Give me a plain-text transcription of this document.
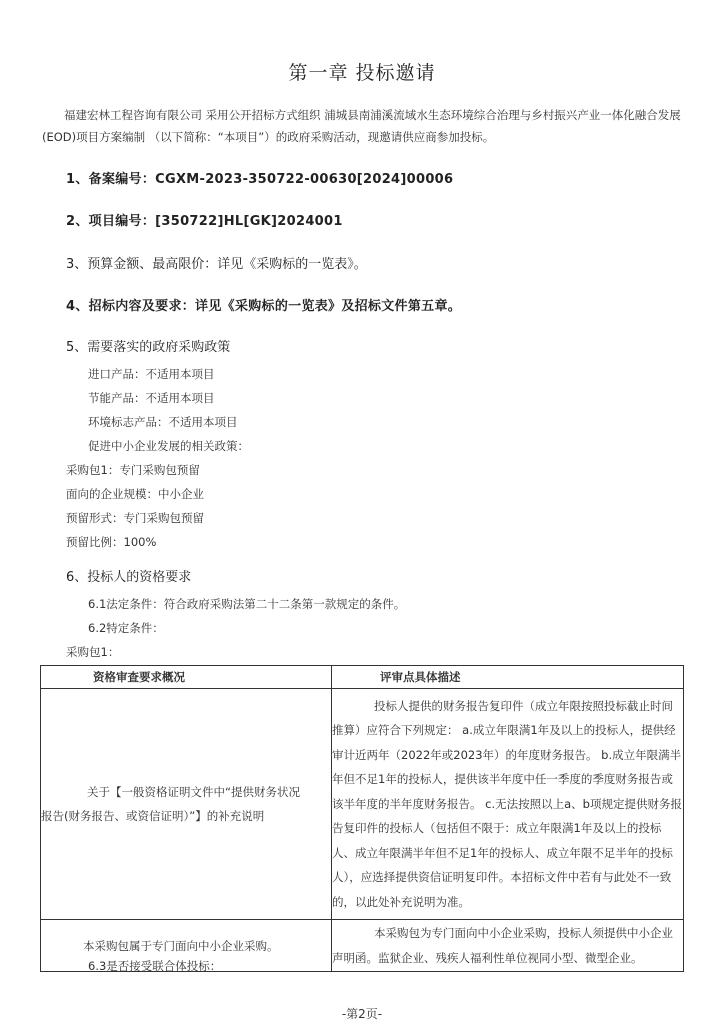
第一章 投标邀请

福建宏林工程咨询有限公司 采用公开招标方式组织 浦城县南浦溪流域水生态环境综合治理与乡村振兴产业一体化融合发展(EOD)项目方案编制 （以下简称：“本项目”）的政府采购活动，现邀请供应商参加投标。

1、备案编号：CGXM-2023-350722-00630[2024]00006
2、项目编号：[350722]HL[GK]2024001
3、预算金额、最高限价：详见《采购标的一览表》。
4、招标内容及要求：详见《采购标的一览表》及招标文件第五章。
5、需要落实的政府采购政策
进口产品：不适用本项目
节能产品：不适用本项目
环境标志产品：不适用本项目
促进中小企业发展的相关政策：
采购包1：专门采购包预留
面向的企业规模：中小企业
预留形式：专门采购包预留
预留比例：100%
6、投标人的资格要求
6.1法定条件：符合政府采购法第二十二条第一款规定的条件。
6.2特定条件：
采购包1：
资格审查要求概况	评审点具体描述

关于【一般资格证明文件中“提供财务状况
报告(财务报告、或资信证明）”】的补充说明	投标人提供的财务报告复印件（成立年限按照投标截止时间推算）应符合下列规定： a.成立年限满1年及以上的投标人，提供经审计近两年（2022年或2023年）的年度财务报告。 b.成立年限满半年但不足1年的投标人，提供该半年度中任一季度的季度财务报告或该半年度的半年度财务报告。 c.无法按照以上a、b项规定提供财务报告复印件的投标人（包括但不限于：成立年限满1年及以上的投标人、成立年限满半年但不足1年的投标人、成立年限不足半年的投标人），应选择提供资信证明复印件。本招标文件中若有与此处不一致的，以此处补充说明为准。

本采购包属于专门面向中小企业采购。	本采购包为专门面向中小企业采购，投标人须提供中小企业声明函。监狱企业、残疾人福利性单位视同小型、微型企业。

6.3是否接受联合体投标：
-第2页-
